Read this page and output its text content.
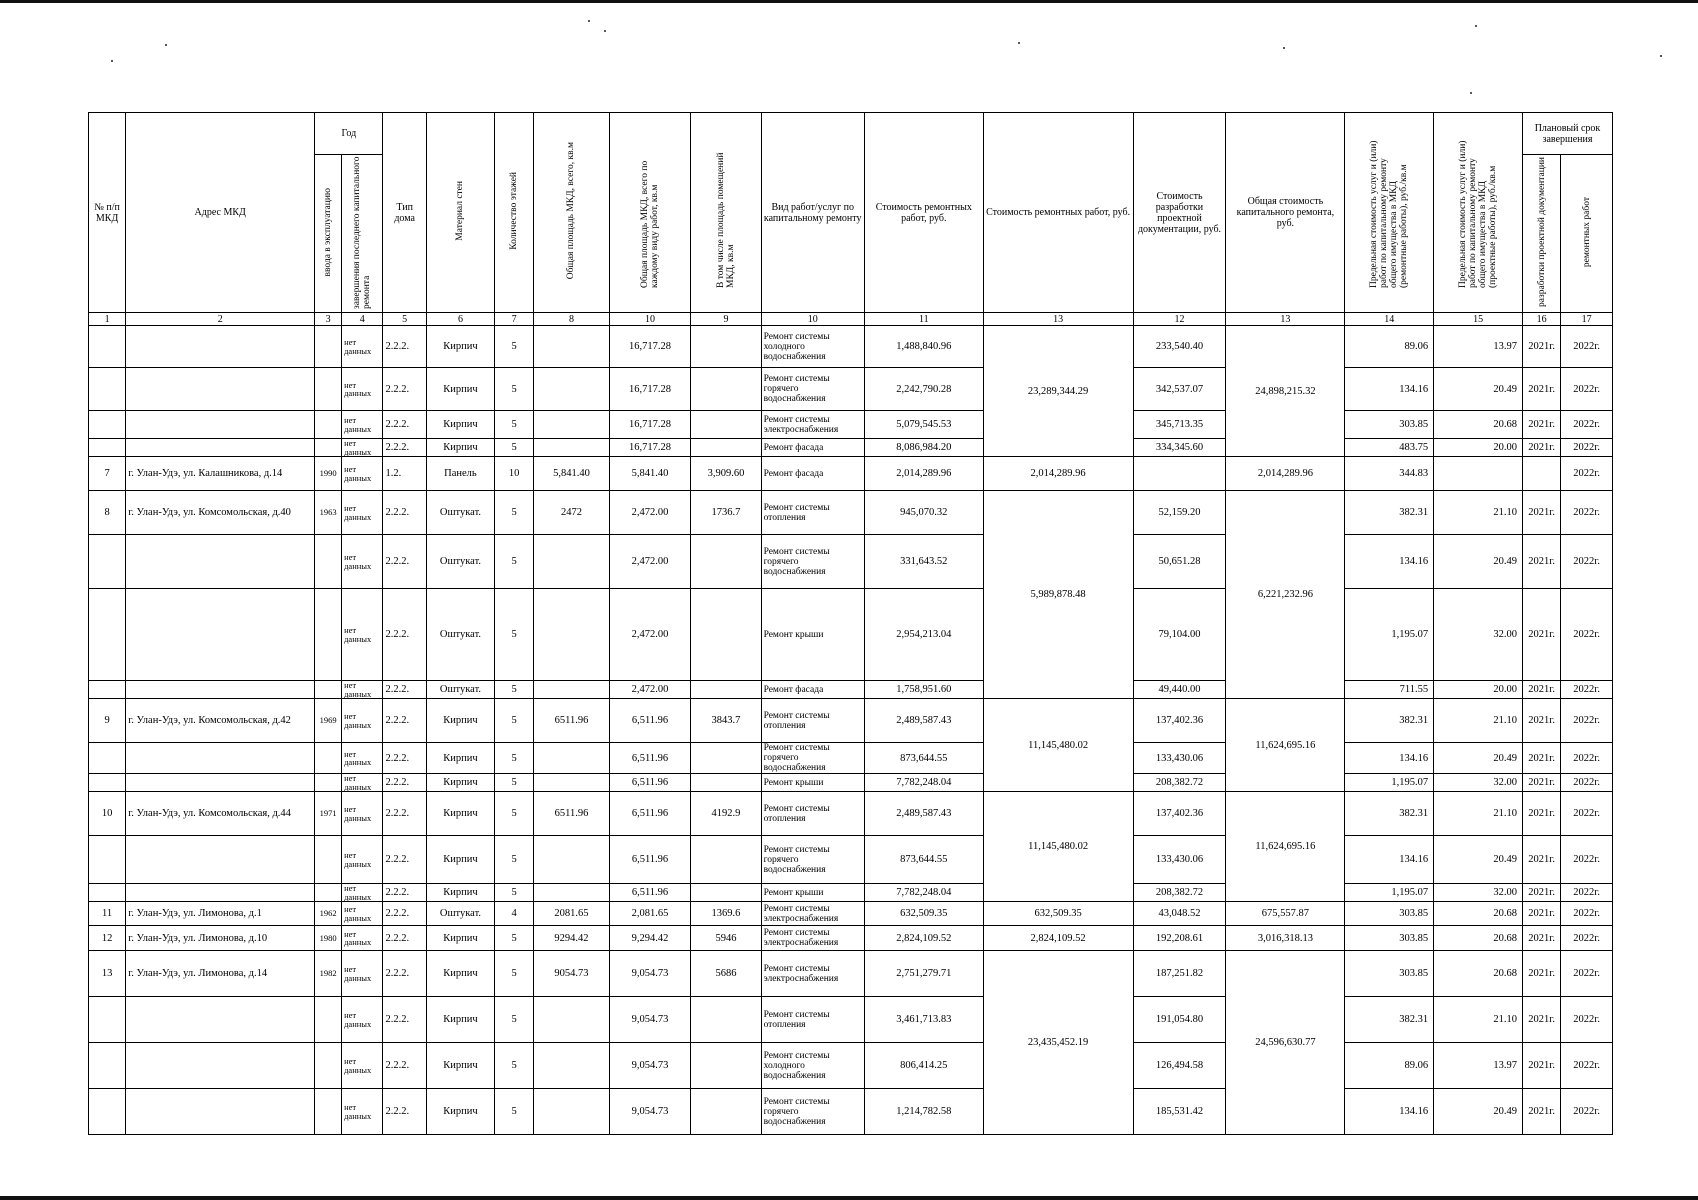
№ п/п МКД	Адрес МКД	Год		Тип дома	Материал стен	Количество этажей	Общая площадь МКД, всего, кв.м	Общая площадь МКД, всего по каждому виду работ, кв.м	В том числе площадь помещений МКД, кв.м	Вид работ/услуг по капитальному ремонту	Стоимость ремонтных работ, руб.	Стоимость ремонтных работ, руб.	Стоимость разработки проектной документации, руб.	Общая стоимость капитального ремонта, руб.	Предельная стоимость услуг и (или) работ по капитальному ремонту общего имущества в МКД (ремонтные работы), руб./кв.м	Предельная стоимость услуг и (или) работ по капитальному ремонту общего имущества в МКД (проектные работы), руб./кв.м	Плановый срок завершения	
		ввода в эксплуатацию	завершения последнего капитального ремонта														разработки проектной документации	ремонтных работ
1	2	3	4	5	6	7	8	10	9	10	11	13	12	13	14	15	16	17
			нет данных	2.2.2.	Кирпич	5		16,717.28		Ремонт системы холодного водоснабжения	1,488,840.96	23,289,344.29	233,540.40	24,898,215.32	89.06	13.97	2021г.	2022г.
			нет данных	2.2.2.	Кирпич	5		16,717.28		Ремонт системы горячего водоснабжения	2,242,790.28		342,537.07		134.16	20.49	2021г.	2022г.
			нет данных	2.2.2.	Кирпич	5		16,717.28		Ремонт системы электроснабжения	5,079,545.53		345,713.35		303.85	20.68	2021г.	2022г.
			нет данных	2.2.2.	Кирпич	5		16,717.28		Ремонт фасада	8,086,984.20		334,345.60		483.75	20.00	2021г.	2022г.
7	г. Улан-Удэ, ул. Калашникова, д.14	1990	нет данных	1.2.	Панель	10	5,841.40	5,841.40	3,909.60	Ремонт фасада	2,014,289.96	2,014,289.96		2,014,289.96	344.83			2022г.
8	г. Улан-Удэ, ул. Комсомольская, д.40	1963	нет данных	2.2.2.	Оштукат.	5	2472	2,472.00	1736.7	Ремонт системы отопления	945,070.32	5,989,878.48	52,159.20	6,221,232.96	382.31	21.10	2021г.	2022г.
			нет данных	2.2.2.	Оштукат.	5		2,472.00		Ремонт системы горячего водоснабжения	331,643.52		50,651.28		134.16	20.49	2021г.	2022г.
			нет данных	2.2.2.	Оштукат.	5		2,472.00		Ремонт крыши	2,954,213.04		79,104.00		1,195.07	32.00	2021г.	2022г.
			нет данных	2.2.2.	Оштукат.	5		2,472.00		Ремонт фасада	1,758,951.60		49,440.00		711.55	20.00	2021г.	2022г.
9	г. Улан-Удэ, ул. Комсомольская, д.42	1969	нет данных	2.2.2.	Кирпич	5	6511.96	6,511.96	3843.7	Ремонт системы отопления	2,489,587.43	11,145,480.02	137,402.36	11,624,695.16	382.31	21.10	2021г.	2022г.
			нет данных	2.2.2.	Кирпич	5		6,511.96		Ремонт системы горячего водоснабжения	873,644.55		133,430.06		134.16	20.49	2021г.	2022г.
			нет данных	2.2.2.	Кирпич	5		6,511.96		Ремонт крыши	7,782,248.04		208,382.72		1,195.07	32.00	2021г.	2022г.
10	г. Улан-Удэ, ул. Комсомольская, д.44	1971	нет данных	2.2.2.	Кирпич	5	6511.96	6,511.96	4192.9	Ремонт системы отопления	2,489,587.43	11,145,480.02	137,402.36	11,624,695.16	382.31	21.10	2021г.	2022г.
			нет данных	2.2.2.	Кирпич	5		6,511.96		Ремонт системы горячего водоснабжения	873,644.55		133,430.06		134.16	20.49	2021г.	2022г.
			нет данных	2.2.2.	Кирпич	5		6,511.96		Ремонт крыши	7,782,248.04		208,382.72		1,195.07	32.00	2021г.	2022г.
11	г. Улан-Удэ, ул. Лимонова, д.1	1962	нет данных	2.2.2.	Оштукат.	4	2081.65	2,081.65	1369.6	Ремонт системы электроснабжения	632,509.35	632,509.35	43,048.52	675,557.87	303.85	20.68	2021г.	2022г.
12	г. Улан-Удэ, ул. Лимонова, д.10	1980	нет данных	2.2.2.	Кирпич	5	9294.42	9,294.42	5946	Ремонт системы электроснабжения	2,824,109.52	2,824,109.52	192,208.61	3,016,318.13	303.85	20.68	2021г.	2022г.
13	г. Улан-Удэ, ул. Лимонова, д.14	1982	нет данных	2.2.2.	Кирпич	5	9054.73	9,054.73	5686	Ремонт системы электроснабжения	2,751,279.71	23,435,452.19	187,251.82	24,596,630.77	303.85	20.68	2021г.	2022г.
			нет данных	2.2.2.	Кирпич	5		9,054.73		Ремонт системы отопления	3,461,713.83		191,054.80		382.31	21.10	2021г.	2022г.
			нет данных	2.2.2.	Кирпич	5		9,054.73		Ремонт системы холодного водоснабжения	806,414.25		126,494.58		89.06	13.97	2021г.	2022г.
			нет данных	2.2.2.	Кирпич	5		9,054.73		Ремонт системы горячего водоснабжения	1,214,782.58		185,531.42		134.16	20.49	2021г.	2022г.
